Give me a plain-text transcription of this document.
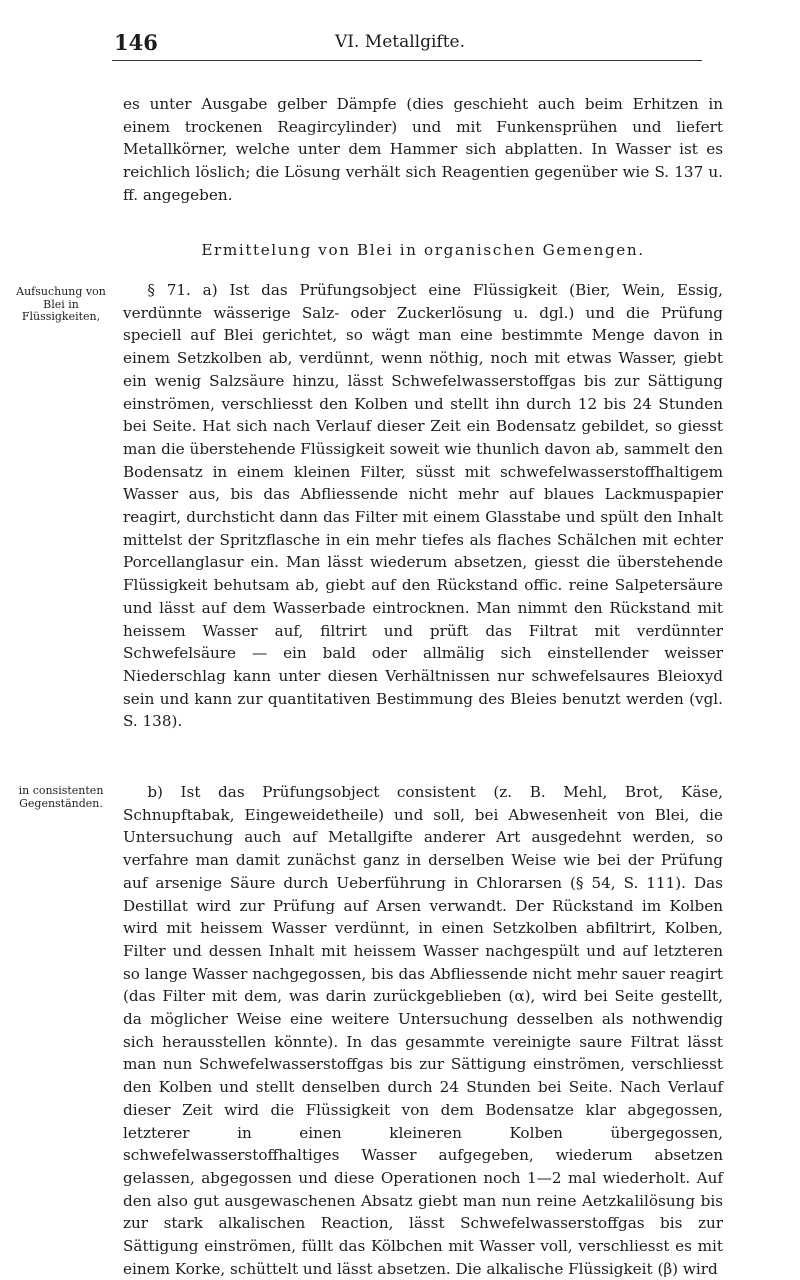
146	VI. Metallgifte.

es unter Ausgabe gelber Dämpfe (dies geschieht auch beim Erhitzen in einem trockenen Reagircylinder) und mit Funkensprühen und liefert Metallkörner, welche unter dem Hammer sich abplatten. In Wasser ist es reichlich löslich; die Lösung verhält sich Reagentien gegenüber wie S. 137 u. ff. angegeben.

Ermittelung von Blei in organischen Gemengen.
Aufsuchung von Blei in Flüssigkeiten,

§ 71. a) Ist das Prüfungsobject eine Flüssigkeit (Bier, Wein, Essig, verdünnte wässerige Salz- oder Zuckerlösung u. dgl.) und die Prüfung speciell auf Blei gerichtet, so wägt man eine bestimmte Menge davon in einem Setzkolben ab, verdünnt, wenn nöthig, noch mit etwas Wasser, giebt ein wenig Salzsäure hinzu, lässt Schwefelwasserstoffgas bis zur Sättigung einströmen, verschliesst den Kolben und stellt ihn durch 12 bis 24 Stunden bei Seite. Hat sich nach Verlauf dieser Zeit ein Bodensatz gebildet, so giesst man die überstehende Flüssigkeit soweit wie thunlich davon ab, sammelt den Bodensatz in einem kleinen Filter, süsst mit schwefelwasserstoffhaltigem Wasser aus, bis das Abfliessende nicht mehr auf blaues Lackmuspapier reagirt, durchsticht dann das Filter mit einem Glasstabe und spült den Inhalt mittelst der Spritzflasche in ein mehr tiefes als flaches Schälchen mit echter Porcellanglasur ein. Man lässt wiederum absetzen, giesst die überstehende Flüssigkeit behutsam ab, giebt auf den Rückstand offic. reine Salpetersäure und lässt auf dem Wasserbade eintrocknen. Man nimmt den Rückstand mit heissem Wasser auf, filtrirt und prüft das Filtrat mit verdünnter Schwefelsäure — ein bald oder allmälig sich einstellender weisser Niederschlag kann unter diesen Verhältnissen nur schwefelsaures Bleioxyd sein und kann zur quantitativen Bestimmung des Bleies benutzt werden (vgl. S. 138).

in consistenten Gegenständen.

b) Ist das Prüfungsobject consistent (z. B. Mehl, Brot, Käse, Schnupftabak, Eingeweidetheile) und soll, bei Abwesenheit von Blei, die Untersuchung auch auf Metallgifte anderer Art ausgedehnt werden, so verfahre man damit zunächst ganz in derselben Weise wie bei der Prüfung auf arsenige Säure durch Ueberführung in Chlorarsen (§ 54, S. 111). Das Destillat wird zur Prüfung auf Arsen verwandt. Der Rückstand im Kolben wird mit heissem Wasser verdünnt, in einen Setzkolben abfiltrirt, Kolben, Filter und dessen Inhalt mit heissem Wasser nachgespült und auf letzteren so lange Wasser nachgegossen, bis das Abfliessende nicht mehr sauer reagirt (das Filter mit dem, was darin zurückgeblieben (α), wird bei Seite gestellt, da möglicher Weise eine weitere Untersuchung desselben als nothwendig sich herausstellen könnte). In das gesammte vereinigte saure Filtrat lässt man nun Schwefelwasserstoffgas bis zur Sättigung einströmen, verschliesst den Kolben und stellt denselben durch 24 Stunden bei Seite. Nach Verlauf dieser Zeit wird die Flüssigkeit von dem Bodensatze klar abgegossen, letzterer in einen kleineren Kolben übergegossen, schwefelwasserstoffhaltiges Wasser aufgegeben, wiederum absetzen gelassen, abgegossen und diese Operationen noch 1—2 mal wiederholt. Auf den also gut ausgewaschenen Absatz giebt man nun reine Aetzkalilösung bis zur stark alkalischen Reaction, lässt Schwefelwasserstoffgas bis zur Sättigung einströmen, füllt das Kölbchen mit Wasser voll, verschliesst es mit einem Korke, schüttelt und lässt absetzen. Die alkalische Flüssigkeit (β) wird
